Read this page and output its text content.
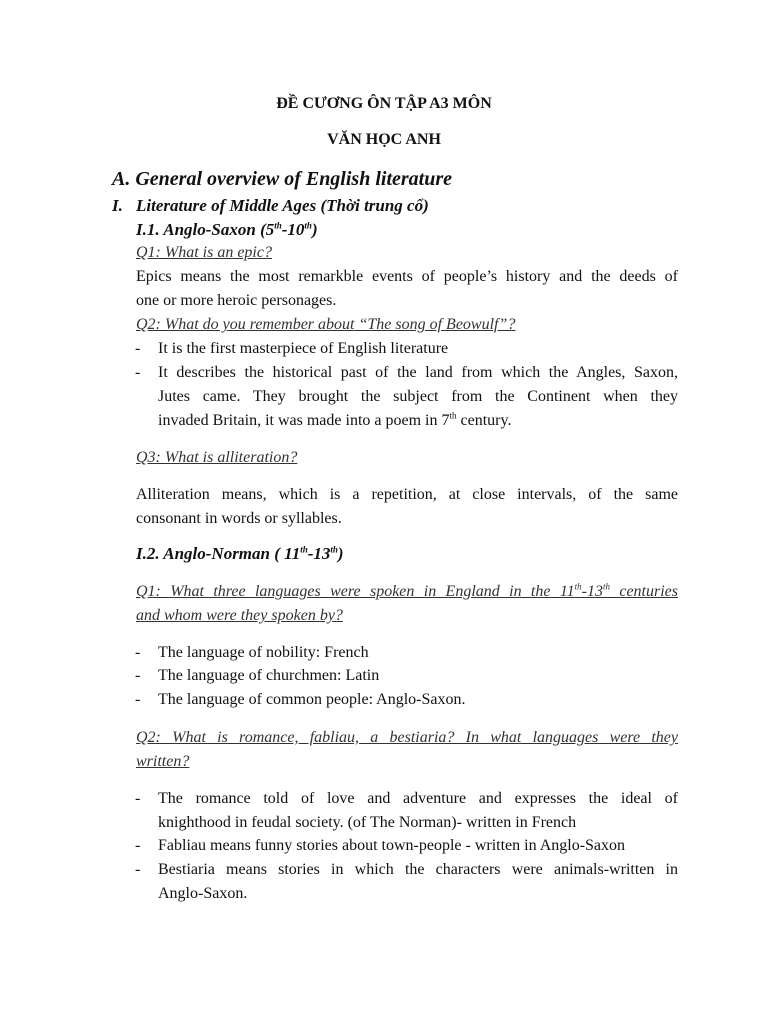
ĐỀ CƯƠNG ÔN TẬP A3 MÔN
VĂN HỌC ANH
A. General overview of English literature
I. Literature of Middle Ages (Thời trung cổ)
I.1. Anglo-Saxon (5th-10th)
Q1: What is an epic?
Epics means the most remarkble events of people’s history and the deeds of
one or more heroic personages.
Q2: What do you remember about “The song of Beowulf”?
- It is the first masterpiece of English literature
- It describes the historical past of the land from which the Angles, Saxon,
Jutes came. They brought the subject from the Continent when they
invaded Britain, it was made into a poem in 7th century.
Q3: What is alliteration?
Alliteration means, which is a repetition, at close intervals, of the same
consonant in words or syllables.
I.2. Anglo-Norman ( 11th-13th)
Q1: What three languages were spoken in England in the 11th-13th centuries
and whom were they spoken by?
- The language of nobility: French
- The language of churchmen: Latin
- The language of common people: Anglo-Saxon.
Q2: What is romance, fabliau, a bestiaria? In what languages were they
written?
- The romance told of love and adventure and expresses the ideal of
knighthood in feudal society. (of The Norman)- written in French
- Fabliau means funny stories about town-people - written in Anglo-Saxon
- Bestiaria means stories in which the characters were animals-written in
Anglo-Saxon.
